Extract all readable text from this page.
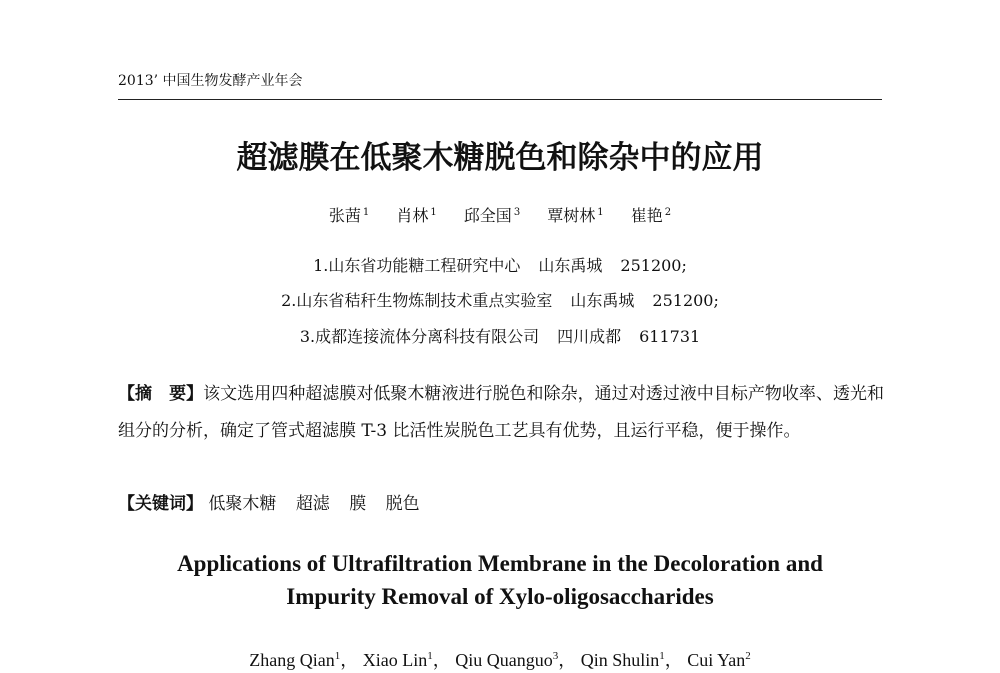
2013’ 中国生物发酵产业年会
超滤膜在低聚木糖脱色和除杂中的应用
张茜 $^1$ 肖林 $^1$ 邱全国 $^3$ 覃树林 $^1$ 崔艳 $^2$
1.山东省功能糖工程研究中心 山东禹城 251200;
2.山东省秸秆生物炼制技术重点实验室 山东禹城 251200;
3.成都连接流体分离科技有限公司 四川成都 611731
【摘　要】该文选用四种超滤膜对低聚木糖液进行脱色和除杂，通过对透过液中目标产物收率、透光和组分的分析，确定了管式超滤膜 T-3 比活性炭脱色工艺具有优势，且运行平稳，便于操作。
【关键词】 低聚木糖 超滤 膜 脱色
Applications of Ultrafiltration Membrane in the Decoloration and
Impurity Removal of Xylo-oligosaccharides
Zhang Qian$^1$， Xiao Lin$^1$， Qiu Quanguo$^3$， Qin Shulin$^1$， Cui Yan$^2$
